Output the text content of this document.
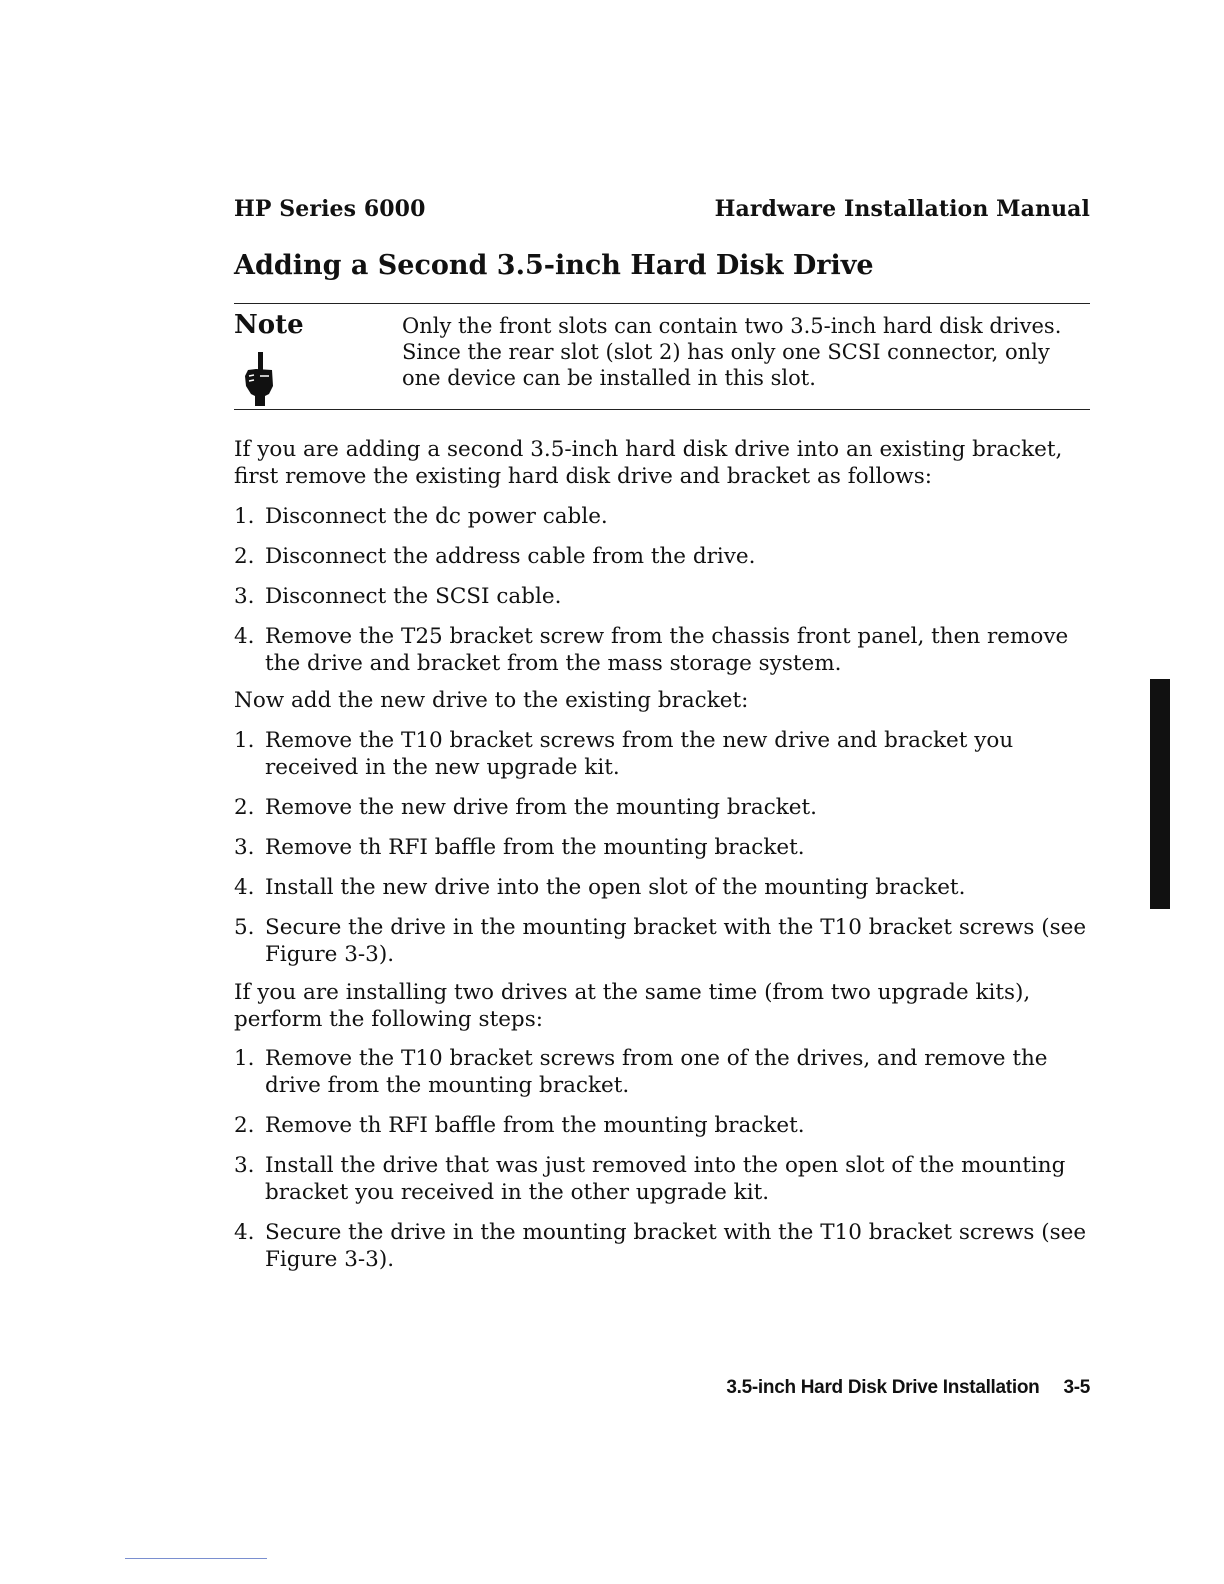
HP Series 6000	Hardware Installation Manual
Adding a Second 3.5-inch Hard Disk Drive
Note	Only the front slots can contain two 3.5-inch hard disk drives. Since the rear slot (slot 2) has only one SCSI connector, only one device can be installed in this slot.

If you are adding a second 3.5-inch hard disk drive into an existing bracket, first remove the existing hard disk drive and bracket as follows:

1. Disconnect the dc power cable.
2. Disconnect the address cable from the drive.
3. Disconnect the SCSI cable.
4. Remove the T25 bracket screw from the chassis front panel, then remove the drive and bracket from the mass storage system.

Now add the new drive to the existing bracket:

1. Remove the T10 bracket screws from the new drive and bracket you received in the new upgrade kit.
2. Remove the new drive from the mounting bracket.
3. Remove th RFI baffle from the mounting bracket.
4. Install the new drive into the open slot of the mounting bracket.
5. Secure the drive in the mounting bracket with the T10 bracket screws (see Figure 3-3).

If you are installing two drives at the same time (from two upgrade kits), perform the following steps:

1. Remove the T10 bracket screws from one of the drives, and remove the drive from the mounting bracket.
2. Remove th RFI baffle from the mounting bracket.
3. Install the drive that was just removed into the open slot of the mounting bracket you received in the other upgrade kit.
4. Secure the drive in the mounting bracket with the T10 bracket screws (see Figure 3-3).
3.5-inch Hard Disk Drive Installation 3-5
